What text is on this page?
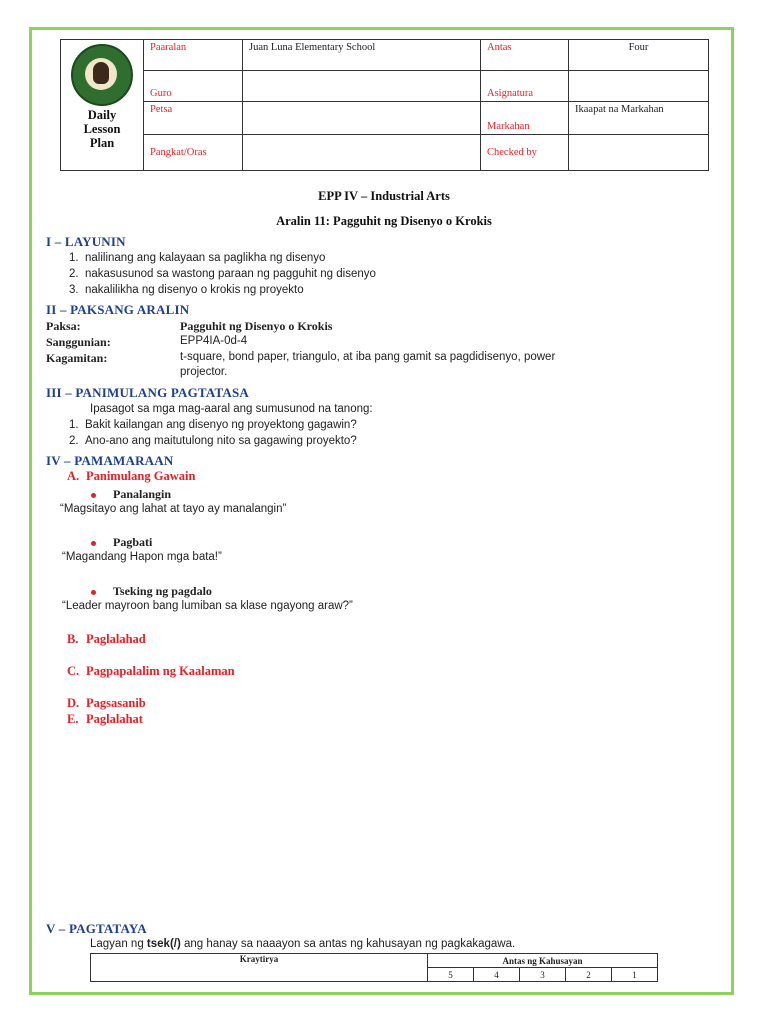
Daily Lesson Plan	Paaralan	Juan Luna Elementary School	Antas	Four
	Guro		Asignatura	
	Petsa		Markahan	Ikaapat na Markahan
	Pangkat/Oras		Checked by	
EPP IV – Industrial Arts
Aralin 11: Pagguhit ng Disenyo o Krokis
I – LAYUNIN
1. nalilinang ang kalayaan sa paglikha ng disenyo
2. nakasusunod sa wastong paraan ng pagguhit ng disenyo
3. nakalilikha ng disenyo o krokis ng proyekto
II – PAKSANG ARALIN
Paksa:	Pagguhit ng Disenyo o Krokis
Sanggunian:	EPP4IA-0d-4
Kagamitan:	t-square, bond paper, triangulo, at iba pang gamit sa pagdidisenyo, power
projector.
III – PANIMULANG PAGTATASA
Ipasagot sa mga mag-aaral ang sumusunod na tanong:
1. Bakit kailangan ang disenyo ng proyektong gagawin?
2. Ano-ano ang maitutulong nito sa gagawing proyekto?
IV – PAMAMARAAN
A. Panimulang Gawain
Panalangin
“Magsitayo ang lahat at tayo ay manalangin”
Pagbati
“Magandang Hapon mga bata!”
Tseking ng pagdalo
“Leader mayroon bang lumiban sa klase ngayong araw?”
B. Paglalahad
C. Pagpapalalim ng Kaalaman
D. Pagsasanib
E. Paglalahat
V – PAGTATAYA
Lagyan ng tsek(/) ang hanay sa naaayon sa antas ng kahusayan ng pagkakagawa.
Kraytirya	Antas ng Kahusayan				
	5	4	3	2	1
